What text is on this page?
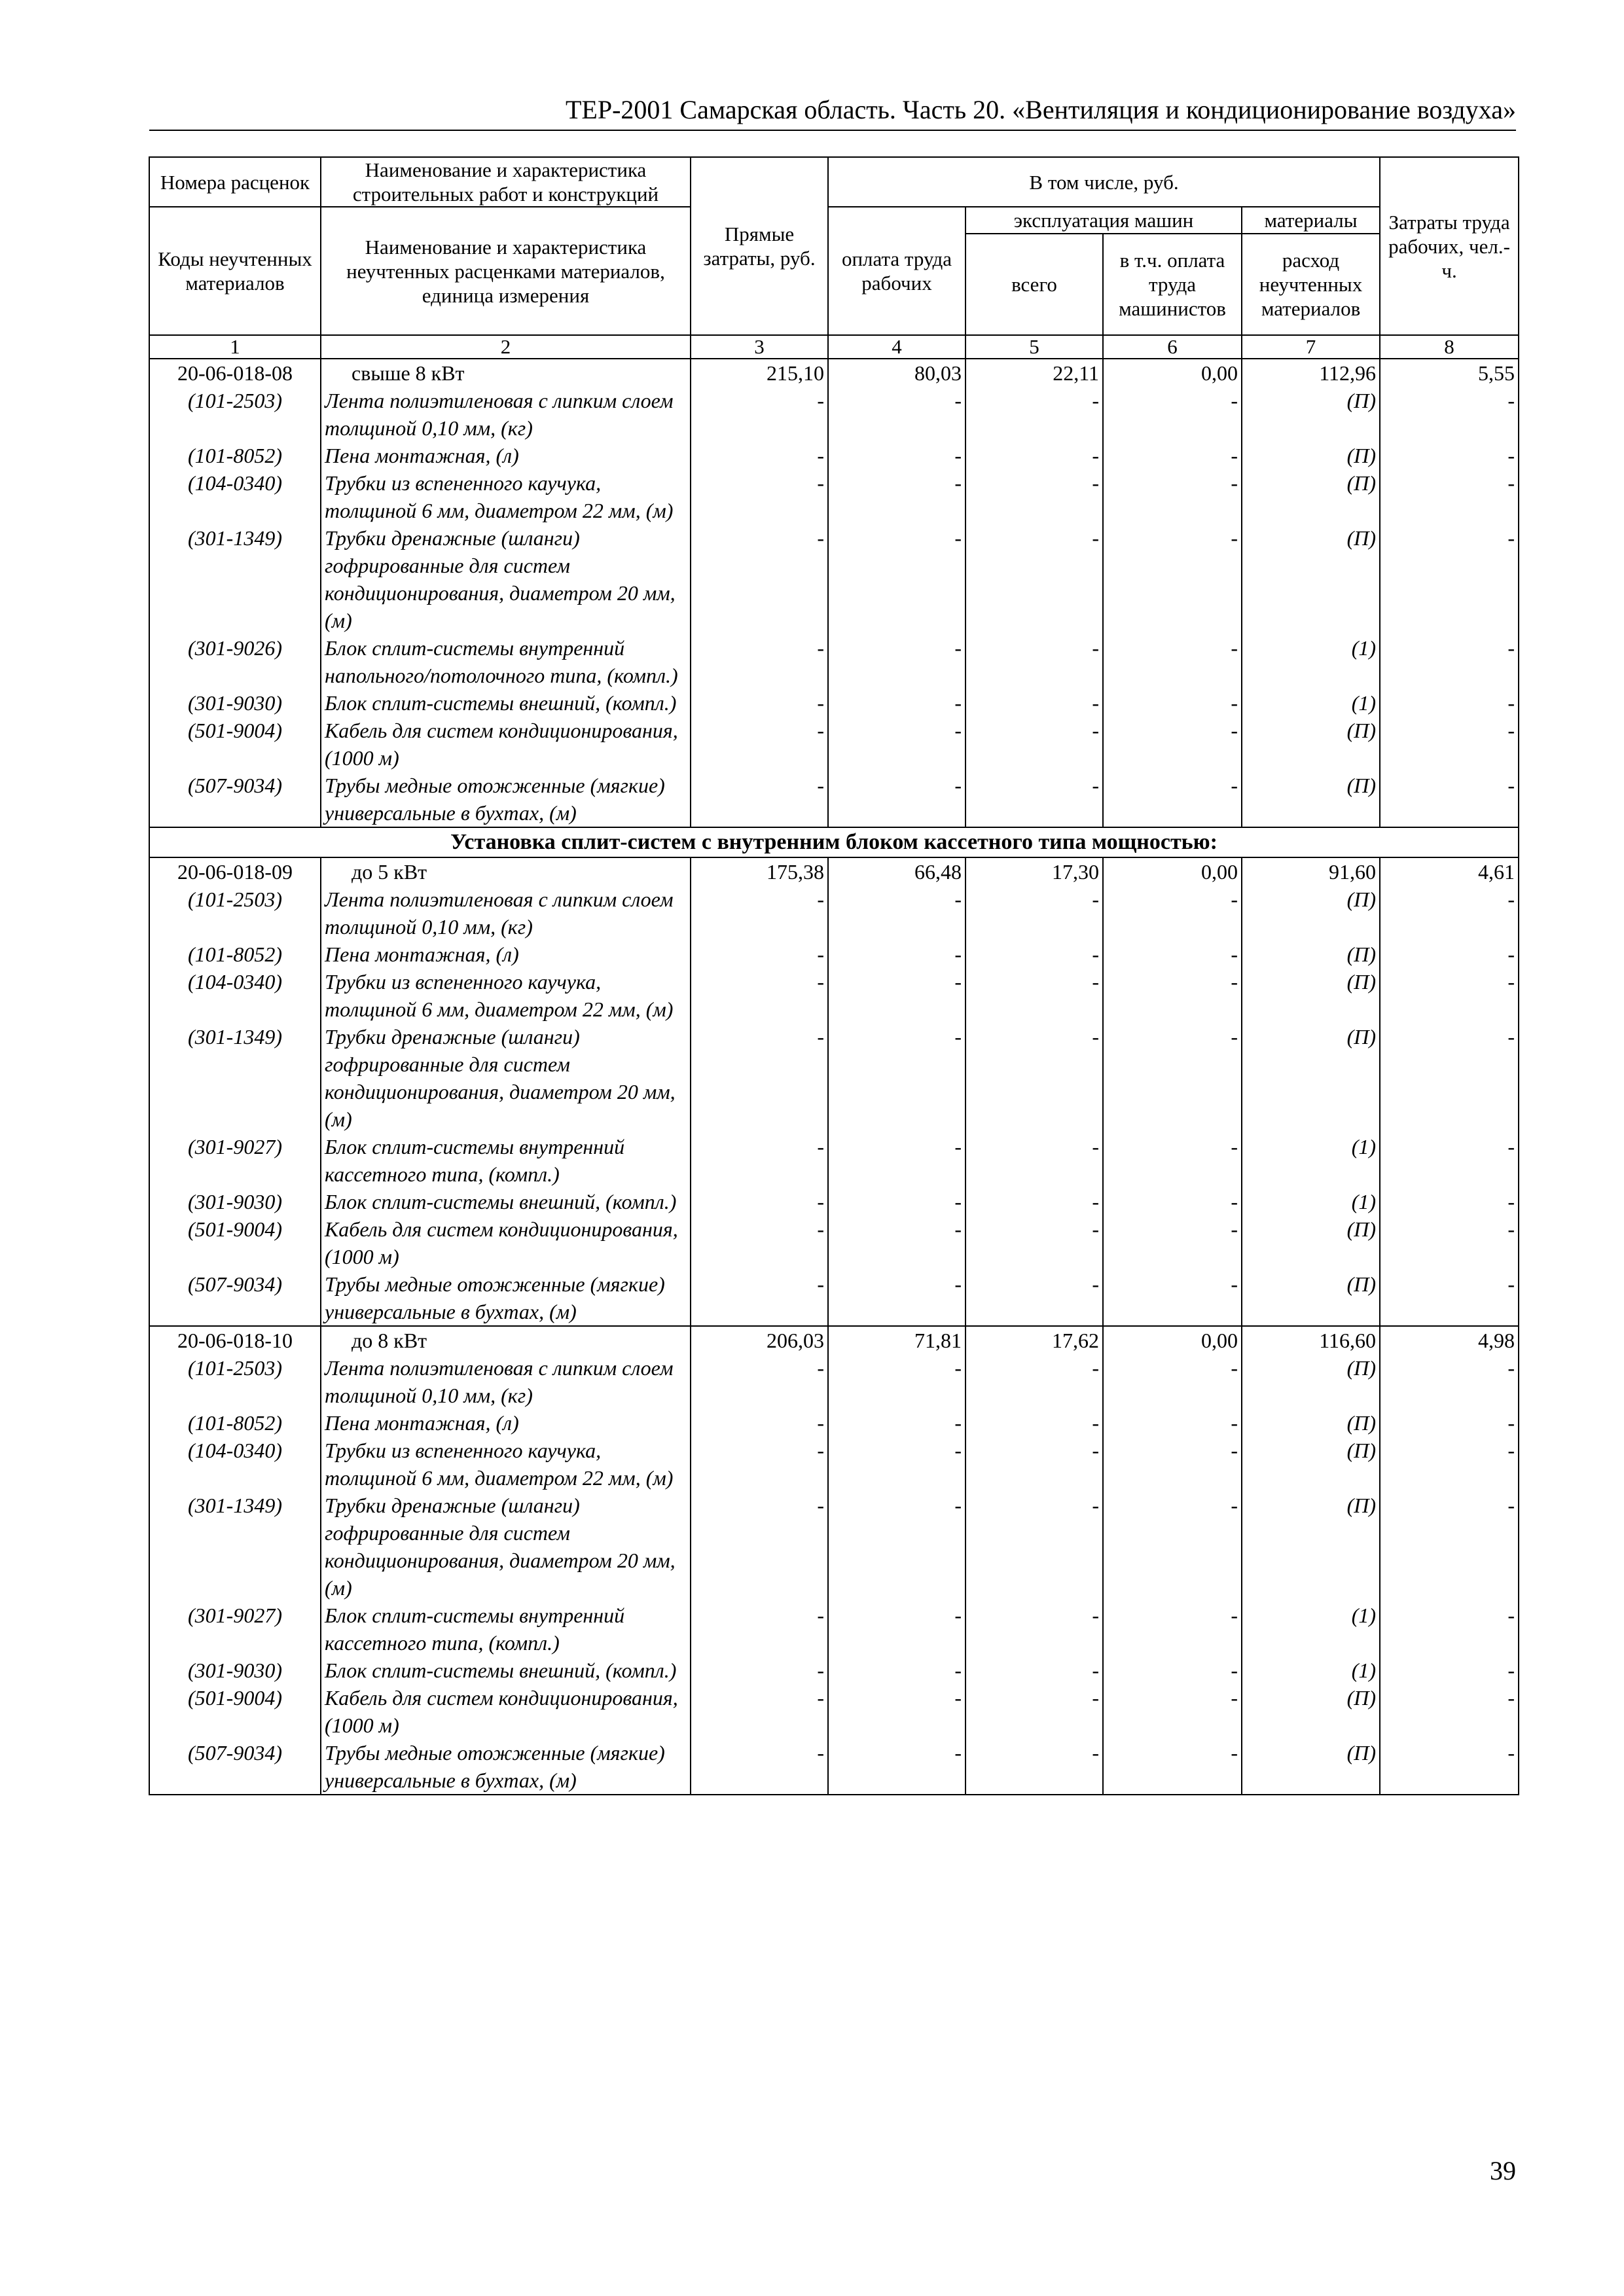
ТЕР-2001 Самарская область. Часть 20. «Вентиляция и кондиционирование воздуха»
Номера расценок	Наименование и характеристика строительных работ и конструкций	Прямые затраты, руб.	В том числе, руб.				Затраты труда рабочих, чел.-ч.
Коды неучтенных материалов	Наименование и характеристика неучтенных расценками материалов, единица измерения		оплата труда рабочих	эксплуатация машин		материалы	
				всего	в т.ч. оплата труда машинистов	расход неучтенных материалов	
1	2	3	4	5	6	7	8
20-06-018-08	свыше 8 кВт	215,10	80,03	22,11	0,00	112,96	5,55
(101-2503)	Лента полиэтиленовая с липким слоем толщиной 0,10 мм, (кг)	-	-	-	-	(П)	-
(101-8052)	Пена монтажная, (л)	-	-	-	-	(П)	-
(104-0340)	Трубки из вспененного каучука, толщиной 6 мм, диаметром 22 мм, (м)	-	-	-	-	(П)	-
(301-1349)	Трубки дренажные (шланги) гофрированные для систем кондиционирования, диаметром 20 мм, (м)	-	-	-	-	(П)	-
(301-9026)	Блок сплит-системы внутренний напольного/потолочного типа, (компл.)	-	-	-	-	(1)	-
(301-9030)	Блок сплит-системы внешний, (компл.)	-	-	-	-	(1)	-
(501-9004)	Кабель для систем кондиционирования, (1000 м)	-	-	-	-	(П)	-
(507-9034)	Трубы медные отожженные (мягкие) универсальные в бухтах, (м)	-	-	-	-	(П)	-
Установка сплит-систем с внутренним блоком кассетного типа мощностью:							
20-06-018-09	до 5 кВт	175,38	66,48	17,30	0,00	91,60	4,61
(101-2503)	Лента полиэтиленовая с липким слоем толщиной 0,10 мм, (кг)	-	-	-	-	(П)	-
(101-8052)	Пена монтажная, (л)	-	-	-	-	(П)	-
(104-0340)	Трубки из вспененного каучука, толщиной 6 мм, диаметром 22 мм, (м)	-	-	-	-	(П)	-
(301-1349)	Трубки дренажные (шланги) гофрированные для систем кондиционирования, диаметром 20 мм, (м)	-	-	-	-	(П)	-
(301-9027)	Блок сплит-системы внутренний кассетного типа, (компл.)	-	-	-	-	(1)	-
(301-9030)	Блок сплит-системы внешний, (компл.)	-	-	-	-	(1)	-
(501-9004)	Кабель для систем кондиционирования, (1000 м)	-	-	-	-	(П)	-
(507-9034)	Трубы медные отожженные (мягкие) универсальные в бухтах, (м)	-	-	-	-	(П)	-
20-06-018-10	до 8 кВт	206,03	71,81	17,62	0,00	116,60	4,98
(101-2503)	Лента полиэтиленовая с липким слоем толщиной 0,10 мм, (кг)	-	-	-	-	(П)	-
(101-8052)	Пена монтажная, (л)	-	-	-	-	(П)	-
(104-0340)	Трубки из вспененного каучука, толщиной 6 мм, диаметром 22 мм, (м)	-	-	-	-	(П)	-
(301-1349)	Трубки дренажные (шланги) гофрированные для систем кондиционирования, диаметром 20 мм, (м)	-	-	-	-	(П)	-
(301-9027)	Блок сплит-системы внутренний кассетного типа, (компл.)	-	-	-	-	(1)	-
(301-9030)	Блок сплит-системы внешний, (компл.)	-	-	-	-	(1)	-
(501-9004)	Кабель для систем кондиционирования, (1000 м)	-	-	-	-	(П)	-
(507-9034)	Трубы медные отожженные (мягкие) универсальные в бухтах, (м)	-	-	-	-	(П)	-
39
